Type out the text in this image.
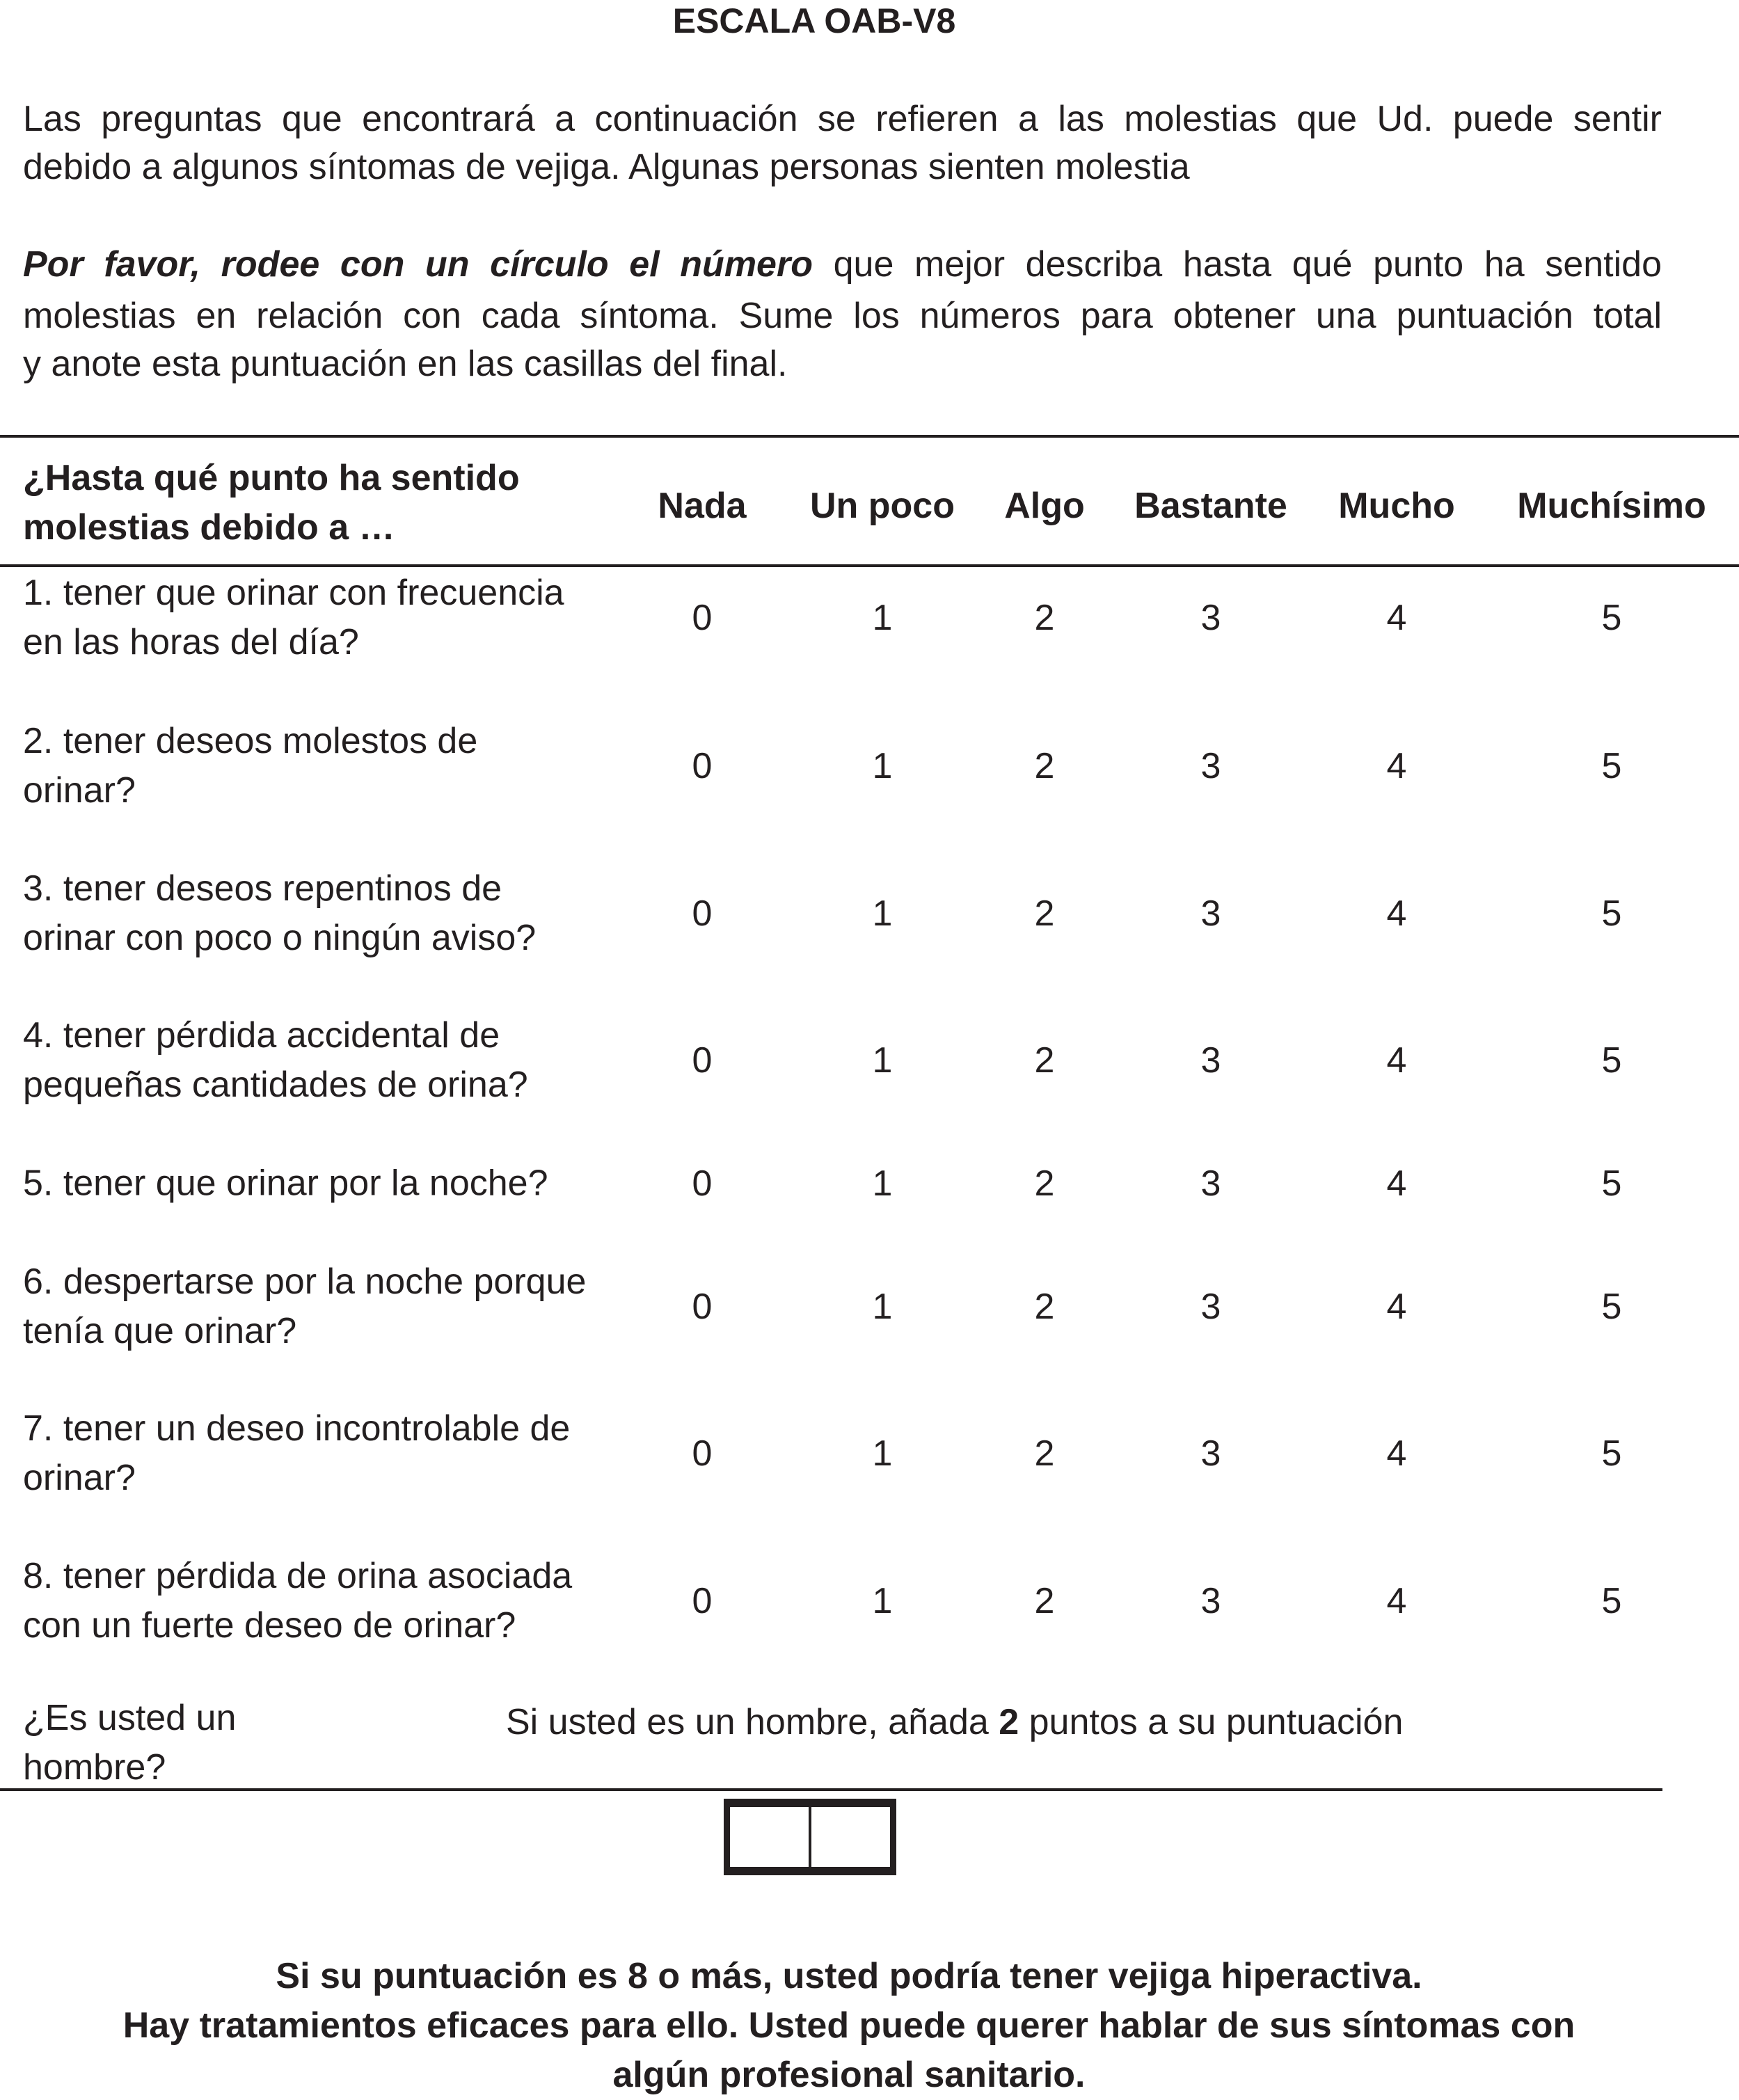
ESCALA OAB-V8
Las preguntas que encontrará a continuación se refieren a las molestias que Ud. puede sentir
debido a algunos síntomas de vejiga. Algunas personas sienten molestia
Por favor, rodee con un círculo el número que mejor describa hasta qué punto ha sentido
molestias en relación con cada síntoma. Sume los números para obtener una puntuación total
y anote esta puntuación en las casillas del final.
¿Hasta qué punto ha sentido
molestias debido a …
Nada Un poco Algo Bastante Mucho Muchísimo
1. tener que orinar con frecuencia
en las horas del día?
0	1	2	3	4	5
2. tener deseos molestos de
orinar?
0	1	2	3	4	5
3. tener deseos repentinos de
orinar con poco o ningún aviso?
0	1	2	3	4	5
4. tener pérdida accidental de
pequeñas cantidades de orina?
0	1	2	3	4	5
5. tener que orinar por la noche?	0	1	2	3	4	5
6. despertarse por la noche porque
tenía que orinar?
0	1	2	3	4	5
7. tener un deseo incontrolable de
orinar?
0	1	2	3	4	5
8. tener pérdida de orina asociada
con un fuerte deseo de orinar?
0	1	2	3	4	5
¿Es usted un
hombre?
Si usted es un hombre, añada 2 puntos a su puntuación
Si su puntuación es 8 o más, usted podría tener vejiga hiperactiva.
Hay tratamientos eficaces para ello. Usted puede querer hablar de sus síntomas con
algún profesional sanitario.
